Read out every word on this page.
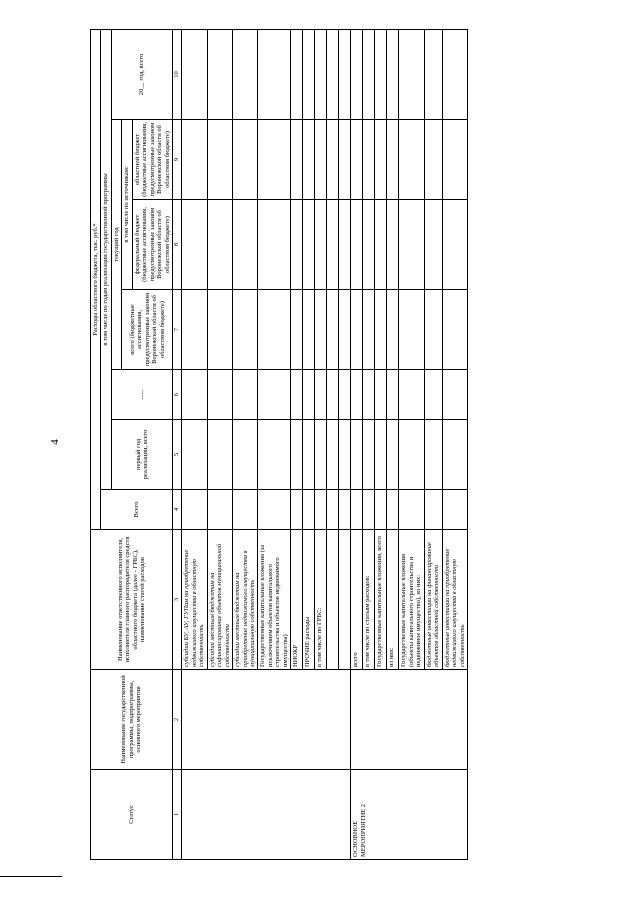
4
Статус	Наименование государственной программы, подпрограммы, основного мероприятия	Наименование ответственного исполнителя, исполнителя главного распорядителя средств областного бюджета (далее - ГРБС), наименование статей расходов	Расходы областного бюджета, тыс. руб.*						
			Всего	в том числе по годам реализации государственной программы					
				первый год реализации, всего	......	текущий год			20__ год, всего
						всего (бюджетные ассигнования, предусмотренные законом Воронежской области об областном бюджете)	в том числе по источникам:		
							федеральный бюджет (бюджетные ассигнования, предусмотренные законом Воронежской области об областном бюджете)	областной бюджет (бюджетные ассигнования, предусмотренные законом Воронежской области об областном бюджете)	
1	2	3	4	5	6	7	8	9	10
		субсидии БУ, АУ, ГУПам на приобретение недвижимого имущества в областную собственность							
		субсидии местным бюджетам на софинансирование объектов муниципальной собственности							
		субсидии местным бюджетам на приобретение недвижимого имущества в муниципальную собственность							
		Государственные капитальные вложения (за исключением объектов капитального строительства и объектов недвижимого имущества)							
		НИОКР							
		ПРОЧИЕ расходы							
		в том числе по ГРБС:							

ОСНОВНОЕ МЕРОПРИЯТИЕ 2		всего							
		в том числе по статьям расходов:							
		Государственные капитальные вложения, всего							
		из них:							
		Государственные капитальные вложения (объекты капитального строительства и недвижимое имущество), из них:							
		бюджетные инвестиции на финансирование объектов областной собственности							
		бюджетные инвестиции на приобретение недвижимого имущества в областную собственность							
